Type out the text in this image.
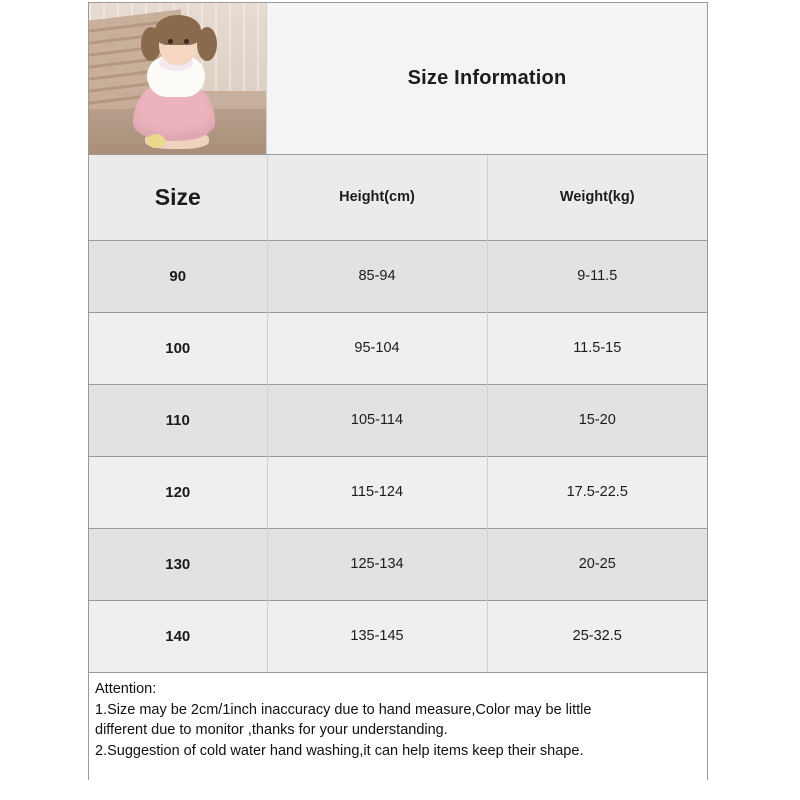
Size Information
Size	Height(cm)	Weight(kg)
90	85-94	9-11.5
100	95-104	11.5-15
110	105-114	15-20
120	115-124	17.5-22.5
130	125-134	20-25
140	135-145	25-32.5
Attention:
1.Size may be 2cm/1inch inaccuracy due to hand measure,Color may be little
different due to monitor ,thanks for your understanding.
2.Suggestion of cold water hand washing,it can help items keep their shape.
